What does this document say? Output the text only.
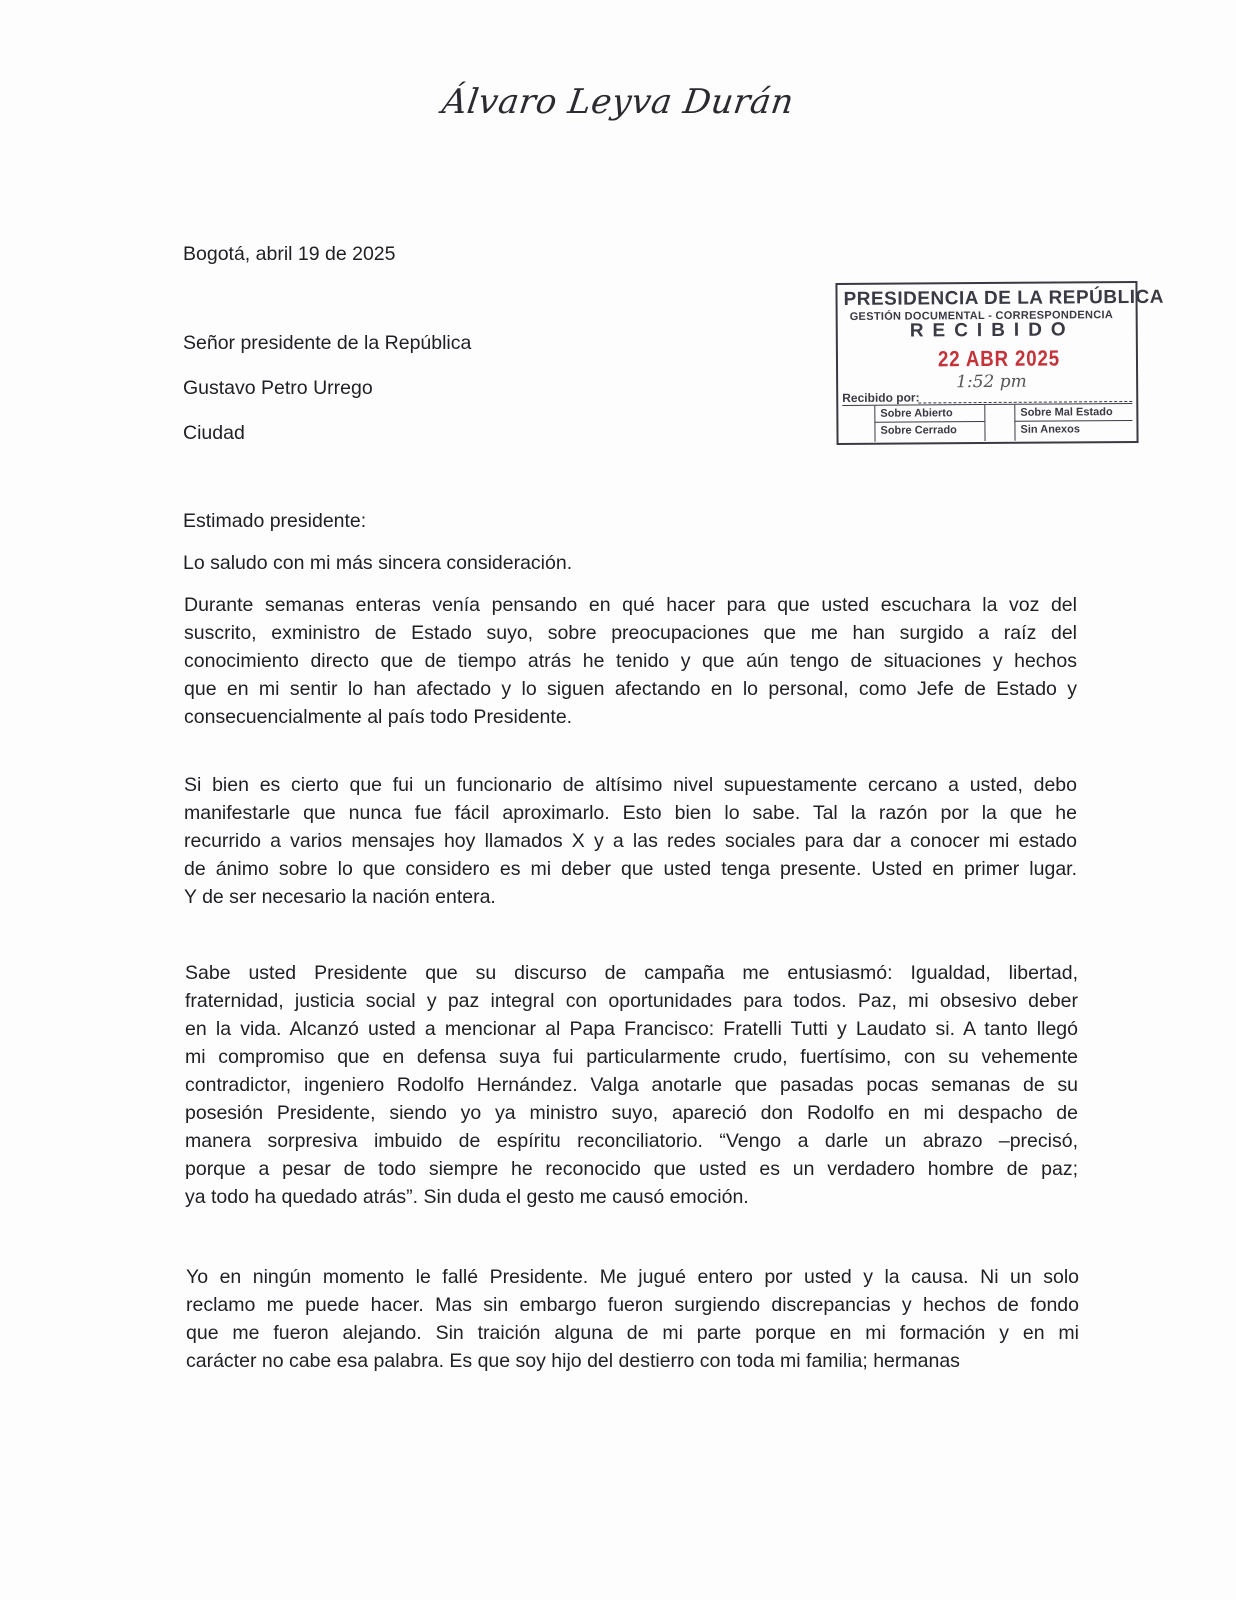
Álvaro Leyva Durán
Bogotá, abril 19 de 2025
Señor presidente de la República
Gustavo Petro Urrego
Ciudad
PRESIDENCIA DE LA REPÚBLICA
GESTIÓN DOCUMENTAL - CORRESPONDENCIA
RECIBIDO
22 ABR 2025
1:52 pm
Recibido por:
Sobre Abierto
Sobre Cerrado
Sobre Mal Estado
Sin Anexos
Estimado presidente:
Lo saludo con mi más sincera consideración.
Durante semanas enteras venía pensando en qué hacer para que usted escuchara la voz del
suscrito, exministro de Estado suyo, sobre preocupaciones que me han surgido a raíz del
conocimiento directo que de tiempo atrás he tenido y que aún tengo de situaciones y hechos
que en mi sentir lo han afectado y lo siguen afectando en lo personal, como Jefe de Estado y
consecuencialmente al país todo Presidente.
Si bien es cierto que fui un funcionario de altísimo nivel supuestamente cercano a usted, debo
manifestarle que nunca fue fácil aproximarlo. Esto bien lo sabe. Tal la razón por la que he
recurrido a varios mensajes hoy llamados X y a las redes sociales para dar a conocer mi estado
de ánimo sobre lo que considero es mi deber que usted tenga presente. Usted en primer lugar.
Y de ser necesario la nación entera.
Sabe usted Presidente que su discurso de campaña me entusiasmó: Igualdad, libertad,
fraternidad, justicia social y paz integral con oportunidades para todos. Paz, mi obsesivo deber
en la vida. Alcanzó usted a mencionar al Papa Francisco: Fratelli Tutti y Laudato si. A tanto llegó
mi compromiso que en defensa suya fui particularmente crudo, fuertísimo, con su vehemente
contradictor, ingeniero Rodolfo Hernández. Valga anotarle que pasadas pocas semanas de su
posesión Presidente, siendo yo ya ministro suyo, apareció don Rodolfo en mi despacho de
manera sorpresiva imbuido de espíritu reconciliatorio. “Vengo a darle un abrazo –precisó,
porque a pesar de todo siempre he reconocido que usted es un verdadero hombre de paz;
ya todo ha quedado atrás”. Sin duda el gesto me causó emoción.
Yo en ningún momento le fallé Presidente. Me jugué entero por usted y la causa. Ni un solo
reclamo me puede hacer. Mas sin embargo fueron surgiendo discrepancias y hechos de fondo
que me fueron alejando. Sin traición alguna de mi parte porque en mi formación y en mi
carácter no cabe esa palabra. Es que soy hijo del destierro con toda mi familia; hermanas
